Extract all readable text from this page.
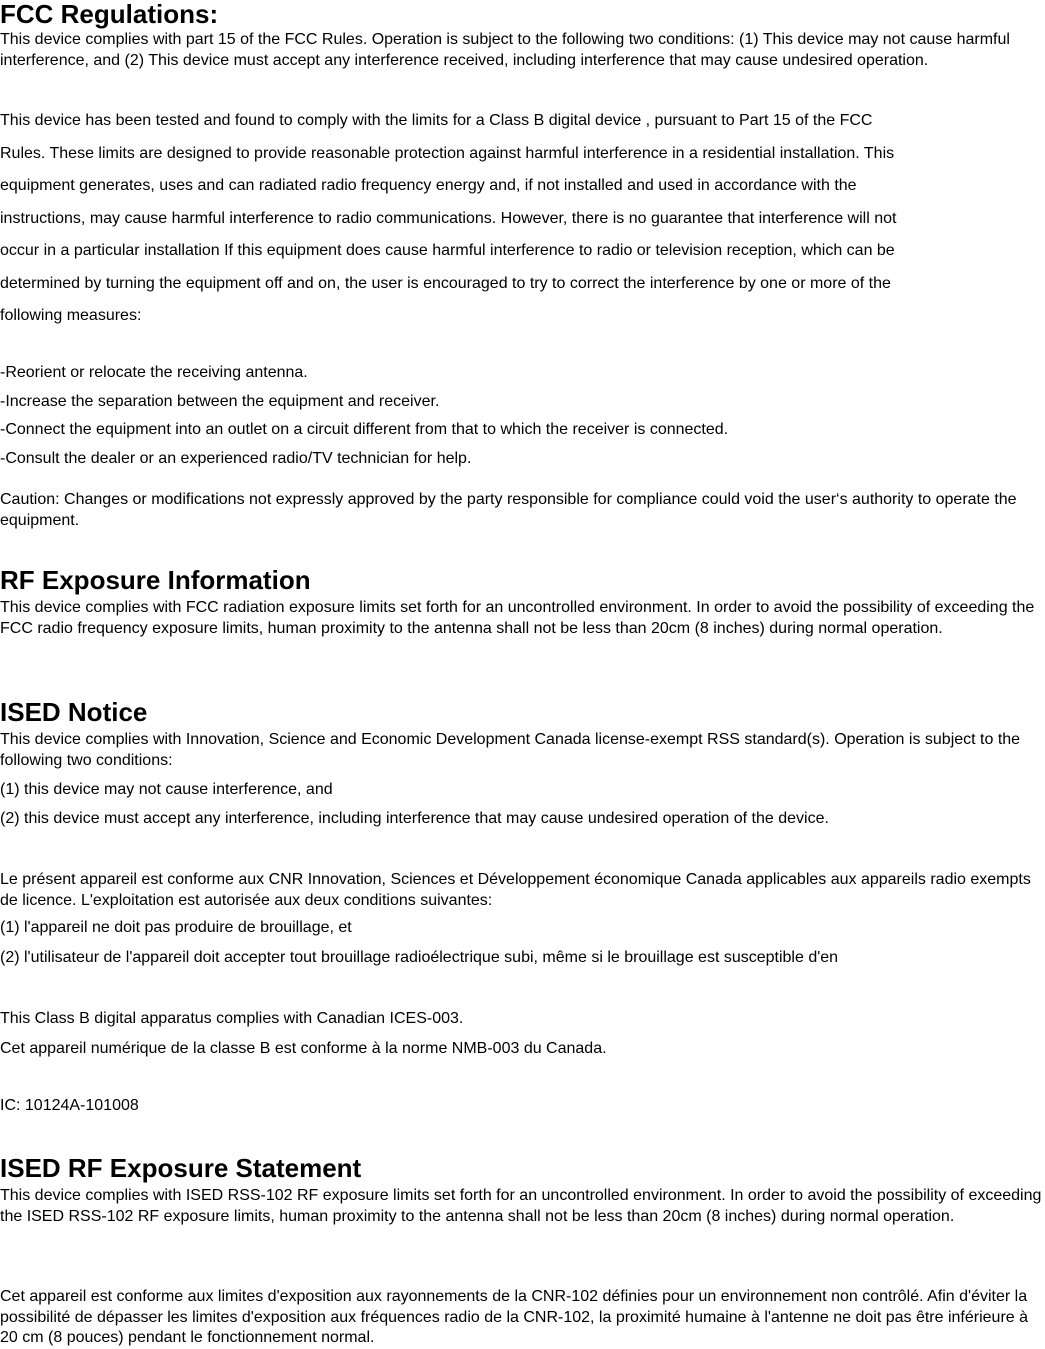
FCC Regulations:
This device complies with part 15 of the FCC Rules. Operation is subject to the following two conditions: (1) This device may not cause harmful interference, and (2) This device must accept any interference received, including interference that may cause undesired operation.

This device has been tested and found to comply with the limits for a Class B digital device , pursuant to Part 15 of the FCC

Rules. These limits are designed to provide reasonable protection against harmful interference in a residential installation. This

equipment generates, uses and can radiated radio frequency energy and, if not installed and used in accordance with the

instructions, may cause harmful interference to radio communications. However, there is no guarantee that interference will not

occur in a particular installation If this equipment does cause harmful interference to radio or television reception, which can be

determined by turning the equipment off and on, the user is encouraged to try to correct the interference by one or more of the

following measures:

-Reorient or relocate the receiving antenna.
-Increase the separation between the equipment and receiver.
-Connect the equipment into an outlet on a circuit different from that to which the receiver is connected.
-Consult the dealer or an experienced radio/TV technician for help.
Caution: Changes or modifications not expressly approved by the party responsible for compliance could void the user‘s authority to operate the equipment.
RF Exposure Information
This device complies with FCC radiation exposure limits set forth for an uncontrolled environment. In order to avoid the possibility of exceeding the FCC radio frequency exposure limits, human proximity to the antenna shall not be less than 20cm (8 inches) during normal operation.
ISED Notice
This device complies with Innovation, Science and Economic Development Canada license-exempt RSS standard(s). Operation is subject to the following two conditions:
(1) this device may not cause interference, and
(2) this device must accept any interference, including interference that may cause undesired operation of the device.
Le présent appareil est conforme aux CNR Innovation, Sciences et Développement économique Canada applicables aux appareils radio exempts de licence. L'exploitation est autorisée aux deux conditions suivantes:
(1) l'appareil ne doit pas produire de brouillage, et
(2) l'utilisateur de l'appareil doit accepter tout brouillage radioélectrique subi, même si le brouillage est susceptible d'en
This Class B digital apparatus complies with Canadian ICES-003.
Cet appareil numérique de la classe B est conforme à la norme NMB-003 du Canada.
IC: 10124A-101008
ISED RF Exposure Statement
This device complies with ISED RSS-102 RF exposure limits set forth for an uncontrolled environment. In order to avoid the possibility of exceeding the ISED RSS-102 RF exposure limits, human proximity to the antenna shall not be less than 20cm (8 inches) during normal operation.
Cet appareil est conforme aux limites d'exposition aux rayonnements de la CNR-102 définies pour un environnement non contrôlé. Afin d'éviter la possibilité de dépasser les limites d'exposition aux fréquences radio de la CNR-102, la proximité humaine à l'antenne ne doit pas être inférieure à 20 cm (8 pouces) pendant le fonctionnement normal.
